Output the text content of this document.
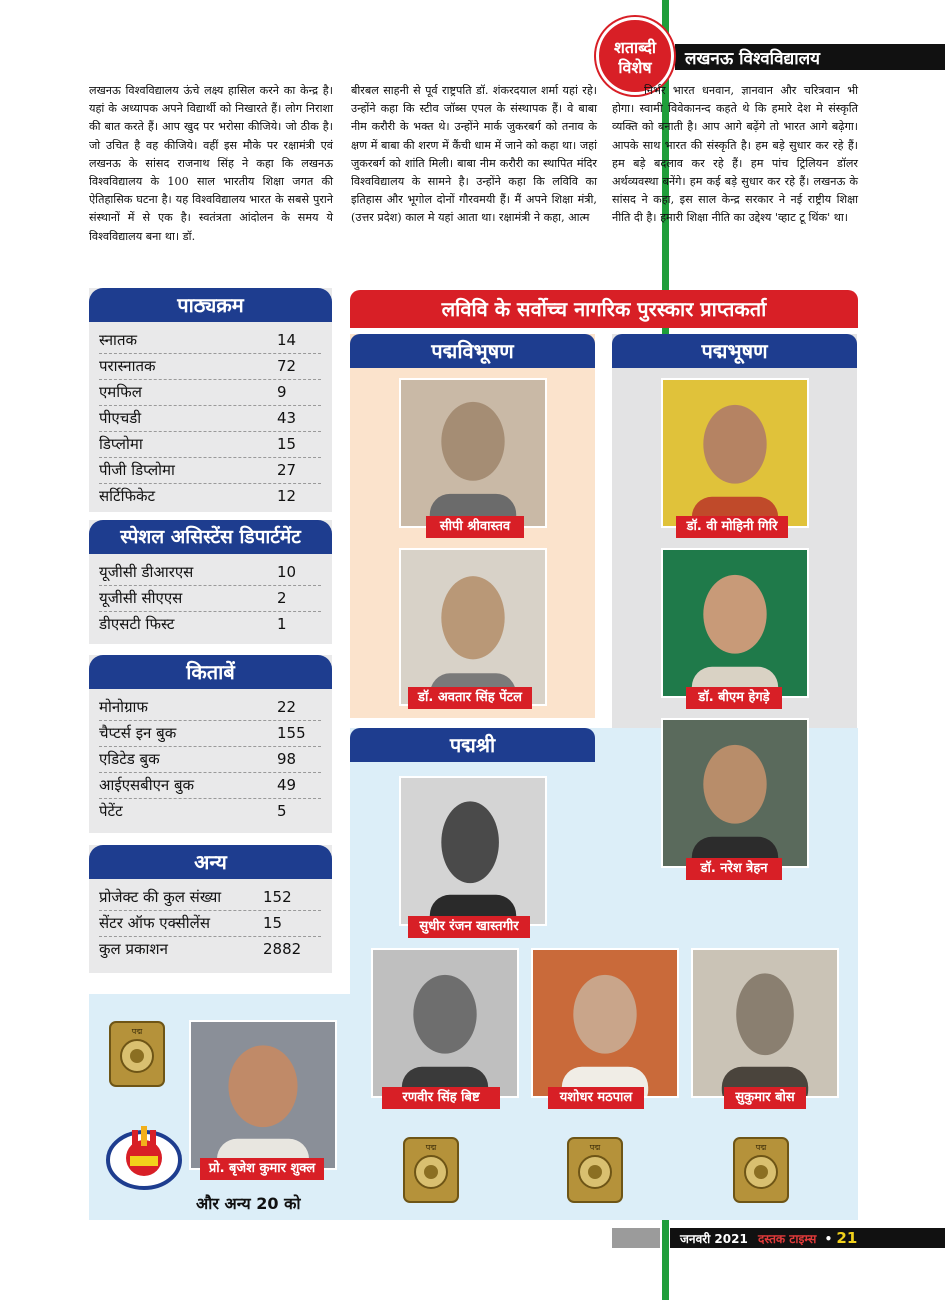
लखनऊ विश्वविद्यालय
शताब्दी
विशेष
लखनऊ विश्वविद्यालय ऊंचे लक्ष्य हासिल करने का केन्द्र है। यहां के अध्यापक अपने विद्यार्थी को निखारते हैं। लोग निराशा की बात करते हैं। आप खुद पर भरोसा कीजिये। जो ठीक है। जो उचित है वह कीजिये। वहीं इस मौके पर रक्षामंत्री एवं लखनऊ के सांसद राजनाथ सिंह ने कहा कि लखनऊ विश्वविद्यालय के 100 साल भारतीय शिक्षा जगत की ऐतिहासिक घटना है। यह विश्वविद्यालय भारत के सबसे पुराने संस्थानों में से एक है। स्वतंत्रता आंदोलन के समय ये विश्वविद्यालय बना था। डॉ.
बीरबल साहनी से पूर्व राष्ट्रपति डॉ. शंकरदयाल शर्मा यहां रहे। उन्होंने कहा कि स्टीव जॉब्स एपल के संस्थापक हैं। वे बाबा नीम करौरी के भक्त थे। उन्होंने मार्क जुकरबर्ग को तनाव के क्षण में बाबा की शरण में कैंची धाम में जाने को कहा था। जहां जुकरबर्ग को शांति मिली। बाबा नीम करौरी का स्थापित मंदिर विश्वविद्यालय के सामने है। उन्होंने कहा कि लविवि का इतिहास और भूगोल दोनों गौरवमयी हैं। मैं अपने शिक्षा मंत्री, (उत्तर प्रदेश) काल मे यहां आता था। रक्षामंत्री ने कहा, आत्म
निर्भर भारत धनवान, ज्ञानवान और चरित्रवान भी होगा। स्वामी विवेकानन्द कहते थे कि हमारे देश मे संस्कृति व्यक्ति को बनाती है। आप आगे बढ़ेंगे तो भारत आगे बढ़ेगा। आपके साथ भारत की संस्कृति है। हम बड़े सुधार कर रहे हैं। हम बड़े बदलाव कर रहे हैं। हम पांच ट्रिलियन डॉलर अर्थव्यवस्था बनेंगे। हम कई बड़े सुधार कर रहे हैं। लखनऊ के सांसद ने कहा, इस साल केन्द्र सरकार ने नई राष्ट्रीय शिक्षा नीति दी है। हमारी शिक्षा नीति का उद्देश्य 'व्हाट टू थिंक' था।
पाठ्यक्रम
स्नातक	14
परास्नातक	72
एमफिल	9
पीएचडी	43
डिप्लोमा	15
पीजी डिप्लोमा	27
सर्टिफिकेट	12
स्पेशल असिस्टेंस डिपार्टमेंट
यूजीसी डीआरएस	10
यूजीसी सीएएस	2
डीएसटी फिस्ट	1
किताबें
मोनोग्राफ	22
चैप्टर्स इन बुक	155
एडिटेड बुक	98
आईएसबीएन बुक	49
पेटेंट	5
अन्य
प्रोजेक्ट की कुल संख्या	152
सेंटर ऑफ एक्सीलेंस	15
कुल प्रकाशन	2882
लविवि के सर्वोच्च नागरिक पुरस्कार प्राप्तकर्ता
पद्मविभूषण	पद्मभूषण
पद्मश्री
सीपी श्रीवास्तव
डॉ. अवतार सिंह पेंटल
डॉ. वी मोहिनी गिरि
डॉ. बीएम हेगड़े
डॉ. नरेश त्रेहन
सुधीर रंजन खास्तगीर
रणवीर सिंह बिष्ट	यशोधर मठपाल	सुकुमार बोस
प्रो. बृजेश कुमार शुक्ल
पद्म
पद्म	पद्म	पद्म
और अन्य 20 को
जनवरी 2021 दस्तक टाइम्स • 21
